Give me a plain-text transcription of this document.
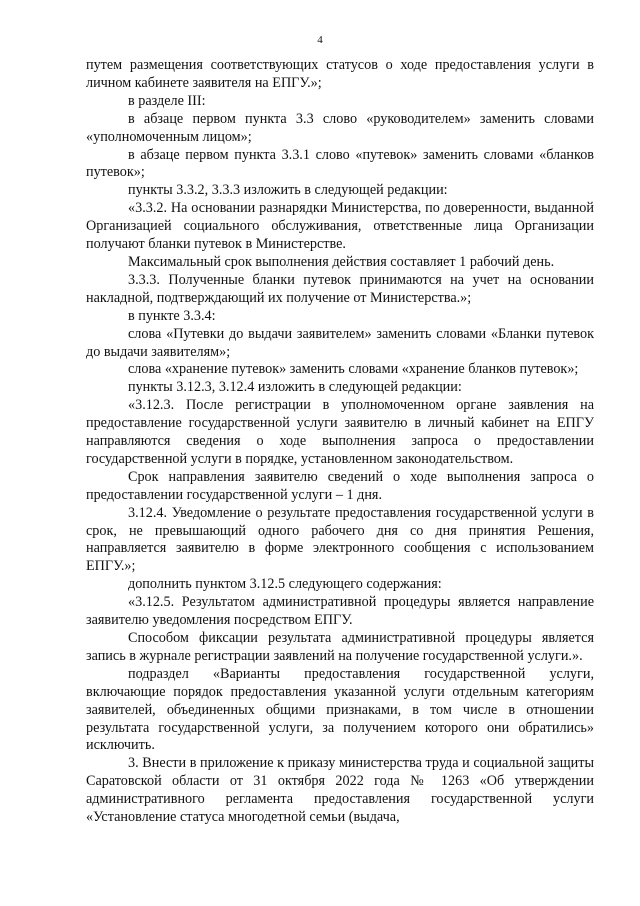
4

путем размещения соответствующих статусов о ходе предоставления услуги в личном кабинете заявителя на ЕПГУ.»;

в разделе III:

в абзаце первом пункта 3.3 слово «руководителем» заменить словами «уполномоченным лицом»;

в абзаце первом пункта 3.3.1 слово «путевок» заменить словами «бланков путевок»;

пункты 3.3.2, 3.3.3 изложить в следующей редакции:

«3.3.2. На основании разнарядки Министерства, по доверенности, выданной Организацией социального обслуживания, ответственные лица Организации получают бланки путевок в Министерстве.

Максимальный срок выполнения действия составляет 1 рабочий день.

3.3.3. Полученные бланки путевок принимаются на учет на основании накладной, подтверждающий их получение от Министерства.»;

в пункте 3.3.4:

слова «Путевки до выдачи заявителем» заменить словами «Бланки путевок до выдачи заявителям»;

слова «хранение путевок» заменить словами «хранение бланков путевок»;

пункты 3.12.3, 3.12.4 изложить в следующей редакции:

«3.12.3. После регистрации в уполномоченном органе заявления на предоставление государственной услуги заявителю в личный кабинет на ЕПГУ направляются сведения о ходе выполнения запроса о предоставлении государственной услуги в порядке, установленном законодательством.

Срок направления заявителю сведений о ходе выполнения запроса о предоставлении государственной услуги – 1 дня.

3.12.4. Уведомление о результате предоставления государственной услуги в срок, не превышающий одного рабочего дня со дня принятия Решения, направляется заявителю в форме электронного сообщения с использованием ЕПГУ.»;

дополнить пунктом 3.12.5 следующего содержания:

«3.12.5. Результатом административной процедуры является направление заявителю уведомления посредством ЕПГУ.

Способом фиксации результата административной процедуры является запись в журнале регистрации заявлений на получение государственной услуги.».

подраздел «Варианты предоставления государственной услуги, включающие порядок предоставления указанной услуги отдельным категориям заявителей, объединенных общими признаками, в том числе в отношении результата государственной услуги, за получением которого они обратились» исключить.

3. Внести в приложение к приказу министерства труда и социальной защиты Саратовской области от 31 октября 2022 года № 1263 «Об утверждении административного регламента предоставления государственной услуги «Установление статуса многодетной семьи (выдача,
